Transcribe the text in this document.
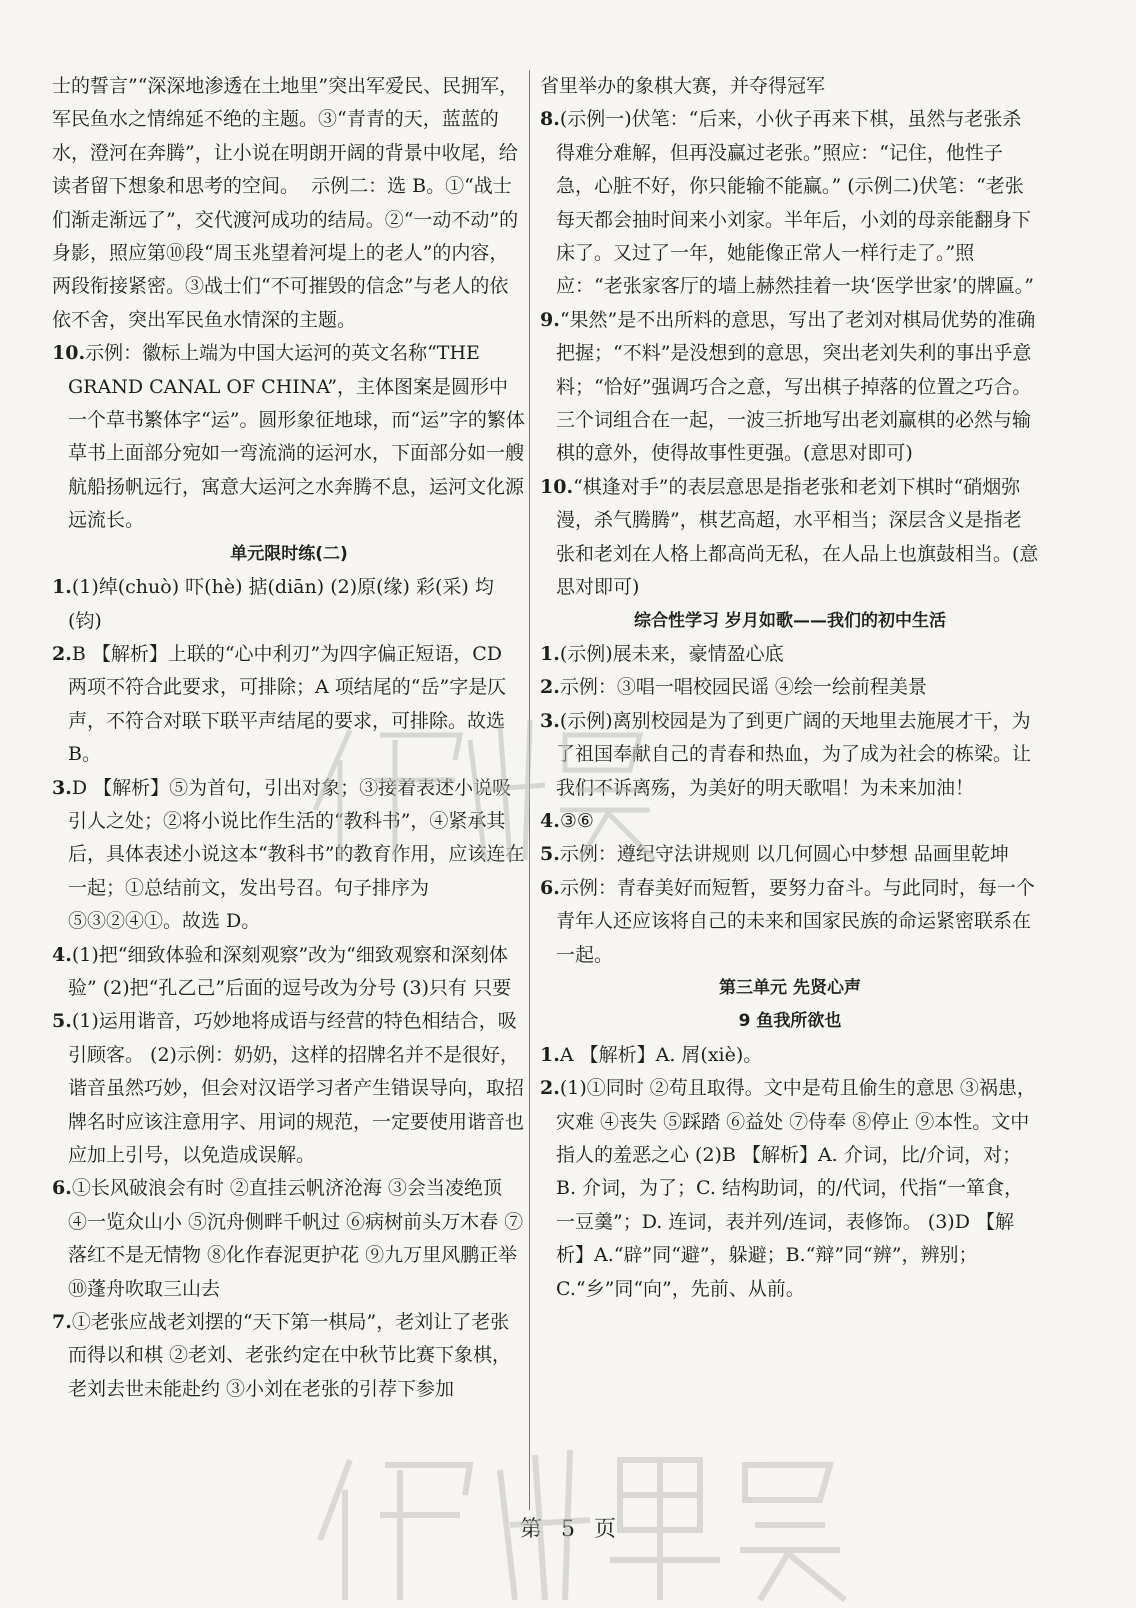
士的誓言”“深深地渗透在土地里”突出军爱民、民拥军，军民鱼水之情绵延不绝的主题。③“青青的天，蓝蓝的水，澄河在奔腾”，让小说在明朗开阔的背景中收尾，给读者留下想象和思考的空间。  示例二：选 B。①“战士们渐走渐远了”，交代渡河成功的结局。②“一动不动”的身影，照应第⑩段“周玉兆望着河堤上的老人”的内容，两段衔接紧密。③战士们“不可摧毁的信念”与老人的依依不舍，突出军民鱼水情深的主题。

10.示例：徽标上端为中国大运河的英文名称“THE GRAND CANAL OF CHINA”，主体图案是圆形中一个草书繁体字“运”。圆形象征地球，而“运”字的繁体草书上面部分宛如一弯流淌的运河水，下面部分如一艘航船扬帆远行，寓意大运河之水奔腾不息，运河文化源远流长。

单元限时练(二)

1.(1)绰(chuò) 吓(hè) 掂(diān) (2)原(缘) 彩(采) 均(钧)

2.B 【解析】上联的“心中利刃”为四字偏正短语，CD 两项不符合此要求，可排除；A 项结尾的“岳”字是仄声，不符合对联下联平声结尾的要求，可排除。故选 B。

3.D 【解析】⑤为首句，引出对象；③接着表述小说吸引人之处；②将小说比作生活的“教科书”，④紧承其后，具体表述小说这本“教科书”的教育作用，应该连在一起；①总结前文，发出号召。句子排序为⑤③②④①。故选 D。

4.(1)把“细致体验和深刻观察”改为“细致观察和深刻体验” (2)把“孔乙己”后面的逗号改为分号 (3)只有 只要

5.(1)运用谐音，巧妙地将成语与经营的特色相结合，吸引顾客。 (2)示例：奶奶，这样的招牌名并不是很好，谐音虽然巧妙，但会对汉语学习者产生错误导向，取招牌名时应该注意用字、用词的规范，一定要使用谐音也应加上引号，以免造成误解。

6.①长风破浪会有时 ②直挂云帆济沧海 ③会当凌绝顶 ④一览众山小 ⑤沉舟侧畔千帆过 ⑥病树前头万木春 ⑦落红不是无情物 ⑧化作春泥更护花 ⑨九万里风鹏正举 ⑩蓬舟吹取三山去

7.①老张应战老刘摆的“天下第一棋局”，老刘让了老张而得以和棋 ②老刘、老张约定在中秋节比赛下象棋，老刘去世未能赴约 ③小刘在老张的引荐下参加

省里举办的象棋大赛，并夺得冠军

8.(示例一)伏笔：“后来，小伙子再来下棋，虽然与老张杀得难分难解，但再没赢过老张。”照应：“记住，他性子急，心脏不好，你只能输不能赢。” (示例二)伏笔：“老张每天都会抽时间来小刘家。半年后，小刘的母亲能翻身下床了。又过了一年，她能像正常人一样行走了。”照应：“老张家客厅的墙上赫然挂着一块‘医学世家’的牌匾。”

9.“果然”是不出所料的意思，写出了老刘对棋局优势的准确把握；“不料”是没想到的意思，突出老刘失利的事出乎意料；“恰好”强调巧合之意，写出棋子掉落的位置之巧合。三个词组合在一起，一波三折地写出老刘赢棋的必然与输棋的意外，使得故事性更强。(意思对即可)

10.“棋逢对手”的表层意思是指老张和老刘下棋时“硝烟弥漫，杀气腾腾”，棋艺高超，水平相当；深层含义是指老张和老刘在人格上都高尚无私，在人品上也旗鼓相当。(意思对即可)

综合性学习 岁月如歌——我们的初中生活

1.(示例)展未来，豪情盈心底

2.示例：③唱一唱校园民谣 ④绘一绘前程美景

3.(示例)离别校园是为了到更广阔的天地里去施展才干，为了祖国奉献自己的青春和热血，为了成为社会的栋梁。让我们不诉离殇，为美好的明天歌唱！为未来加油！

4.③⑥

5.示例：遵纪守法讲规则 以几何圆心中梦想 品画里乾坤

6.示例：青春美好而短暂，要努力奋斗。与此同时，每一个青年人还应该将自己的未来和国家民族的命运紧密联系在一起。

第三单元 先贤心声

9 鱼我所欲也

1.A 【解析】A. 屑(xiè)。

2.(1)①同时 ②苟且取得。文中是苟且偷生的意思 ③祸患，灾难 ④丧失 ⑤踩踏 ⑥益处 ⑦侍奉 ⑧停止 ⑨本性。文中指人的羞恶之心 (2)B 【解析】A. 介词，比/介词，对；B. 介词，为了；C. 结构助词，的/代词，代指“一箪食，一豆羹”；D. 连词，表并列/连词，表修饰。 (3)D 【解析】A.“辟”同“避”，躲避；B.“辩”同“辨”，辨别；C.“乡”同“向”，先前、从前。

第 5 页
